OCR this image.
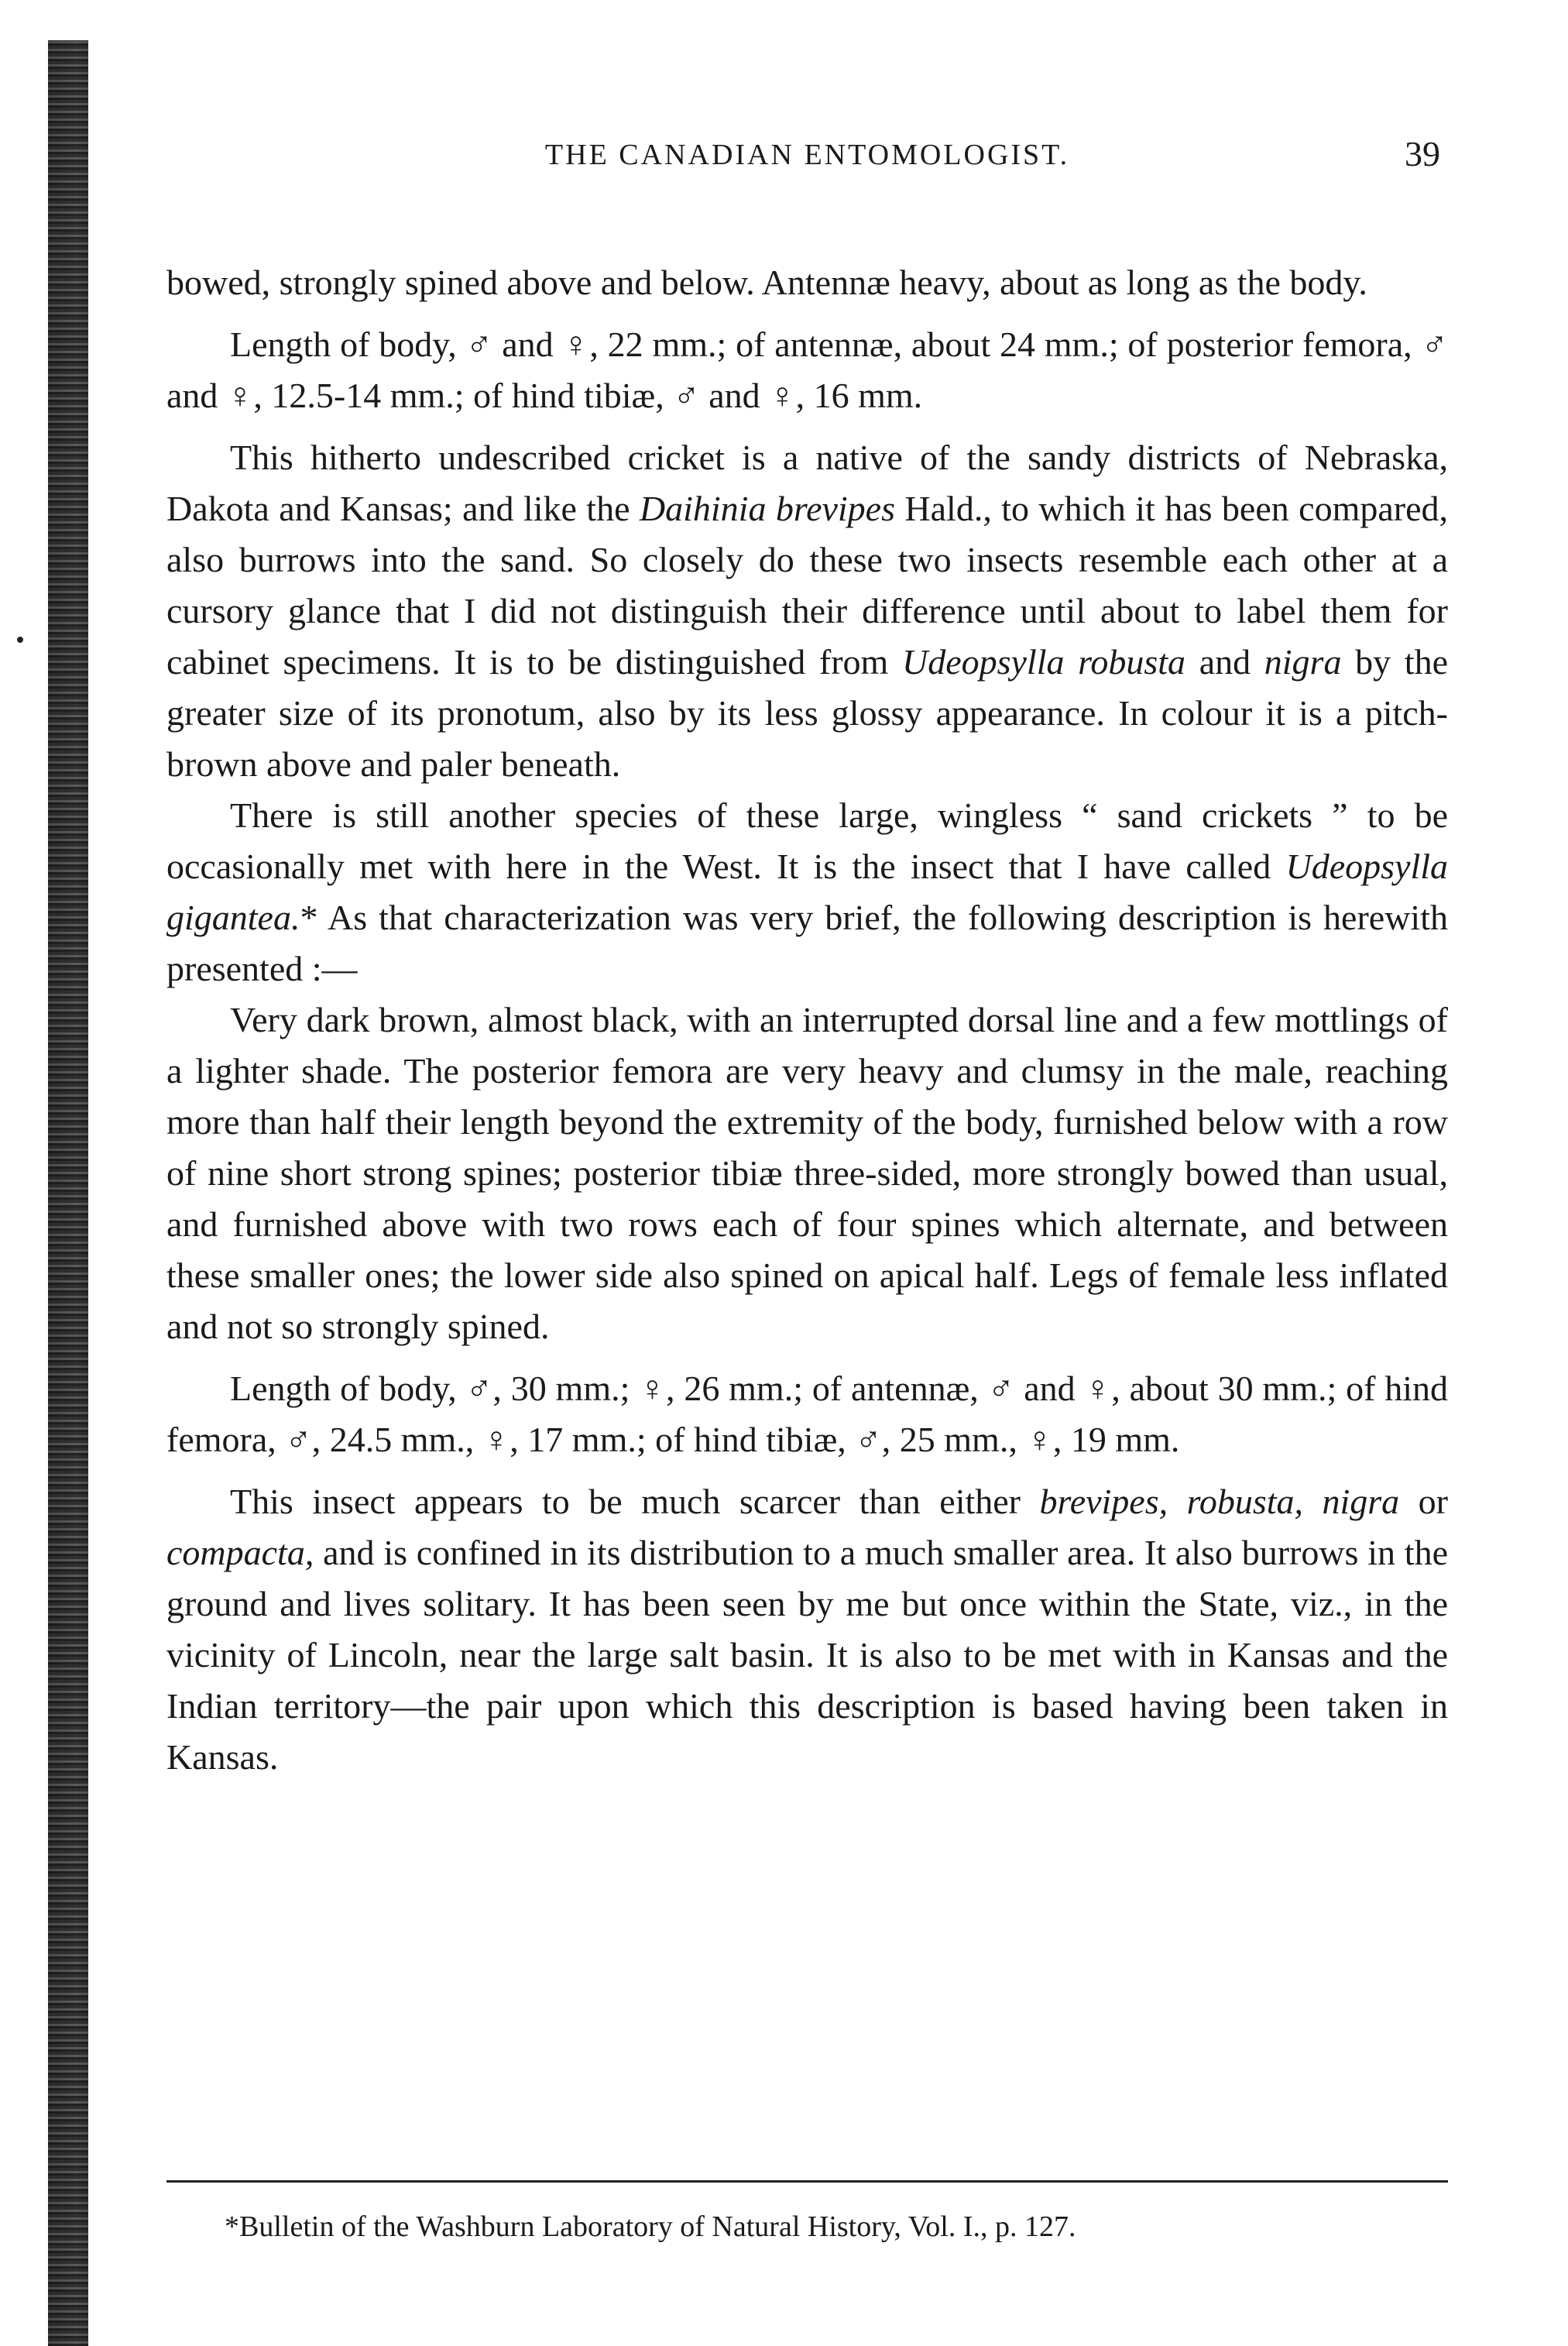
THE CANADIAN ENTOMOLOGIST.	39

bowed, strongly spined above and below. Antennæ heavy, about as long as the body.

Length of body, ♂ and ♀, 22 mm.; of antennæ, about 24 mm.; of posterior femora, ♂ and ♀, 12.5-14 mm.; of hind tibiæ, ♂ and ♀, 16 mm.

This hitherto undescribed cricket is a native of the sandy districts of Nebraska, Dakota and Kansas; and like the Daihinia brevipes Hald., to which it has been compared, also burrows into the sand. So closely do these two insects resemble each other at a cursory glance that I did not distinguish their difference until about to label them for cabinet specimens. It is to be distinguished from Udeopsylla robusta and nigra by the greater size of its pronotum, also by its less glossy appearance. In colour it is a pitch-brown above and paler beneath.

There is still another species of these large, wingless “ sand crickets ” to be occasionally met with here in the West. It is the insect that I have called Udeopsylla gigantea.* As that characterization was very brief, the following description is herewith presented :—

Very dark brown, almost black, with an interrupted dorsal line and a few mottlings of a lighter shade. The posterior femora are very heavy and clumsy in the male, reaching more than half their length beyond the extremity of the body, furnished below with a row of nine short strong spines; posterior tibiæ three-sided, more strongly bowed than usual, and furnished above with two rows each of four spines which alternate, and between these smaller ones; the lower side also spined on apical half. Legs of female less inflated and not so strongly spined.

Length of body, ♂, 30 mm.; ♀, 26 mm.; of antennæ, ♂ and ♀, about 30 mm.; of hind femora, ♂, 24.5 mm., ♀, 17 mm.; of hind tibiæ, ♂, 25 mm., ♀, 19 mm.

This insect appears to be much scarcer than either brevipes, robusta, nigra or compacta, and is confined in its distribution to a much smaller area. It also burrows in the ground and lives solitary. It has been seen by me but once within the State, viz., in the vicinity of Lincoln, near the large salt basin. It is also to be met with in Kansas and the Indian territory—the pair upon which this description is based having been taken in Kansas.

*Bulletin of the Washburn Laboratory of Natural History, Vol. I., p. 127.
